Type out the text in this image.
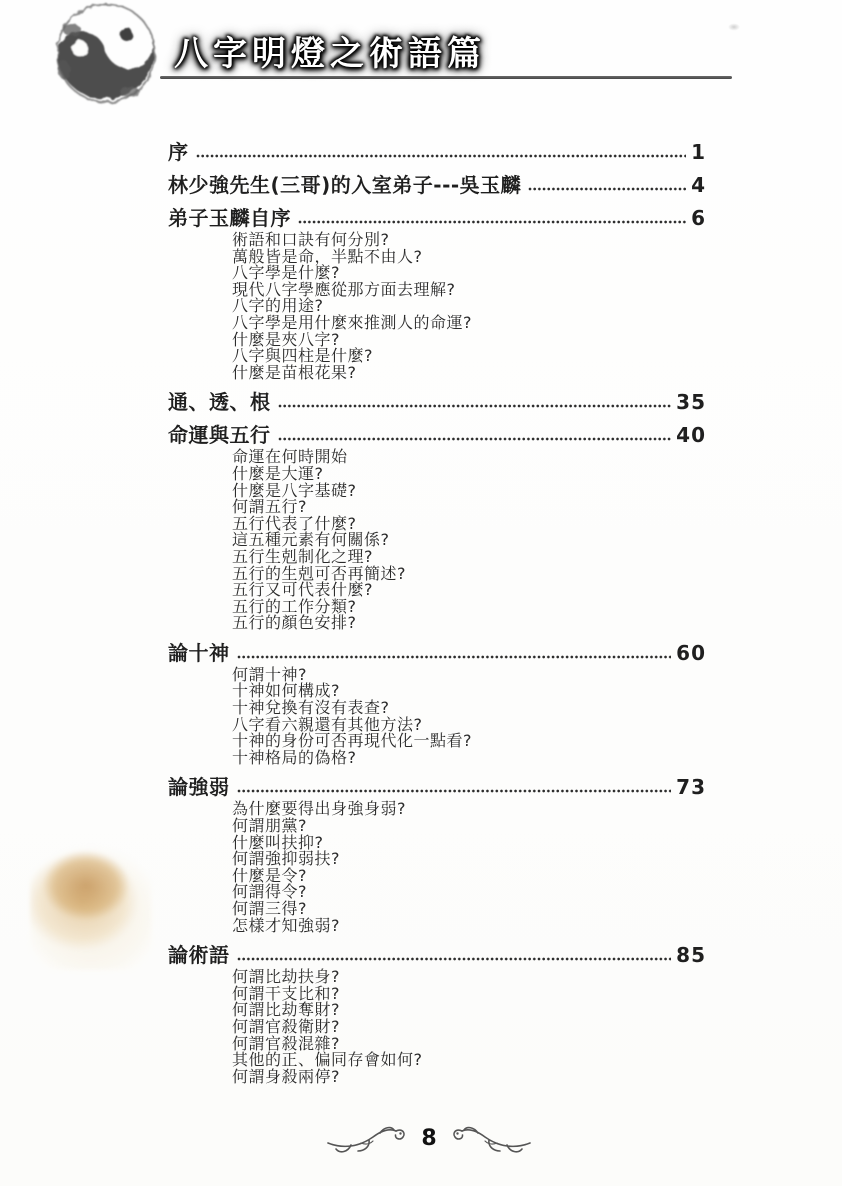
八字明燈之術語篇
序	1
林少強先生(三哥)的入室弟子---吳玉麟	4
弟子玉麟自序	6
術語和口訣有何分別?
萬般皆是命，半點不由人?
八字學是什麼?
現代八字學應從那方面去理解?
八字的用途?
八字學是用什麼來推測人的命運?
什麼是夾八字?
八字與四柱是什麼?
什麼是苗根花果?
通、透、根	35
命運與五行	40
命運在何時開始
什麼是大運?
什麼是八字基礎?
何謂五行?
五行代表了什麼?
這五種元素有何關係?
五行生剋制化之理?
五行的生剋可否再簡述?
五行又可代表什麼?
五行的工作分類?
五行的顏色安排?
論十神	60
何謂十神?
十神如何構成?
十神兌換有沒有表查?
八字看六親還有其他方法?
十神的身份可否再現代化一點看?
十神格局的偽格?
論強弱	73
為什麼要得出身強身弱?
何謂朋黨?
什麼叫扶抑?
何謂強抑弱扶?
什麼是令?
何謂得令?
何謂三得?
怎樣才知強弱?
論術語	85
何謂比劫扶身?
何謂干支比和?
何謂比劫奪財?
何謂官殺衛財?
何謂官殺混雜?
其他的正、偏同存會如何?
何謂身殺兩停?
8
